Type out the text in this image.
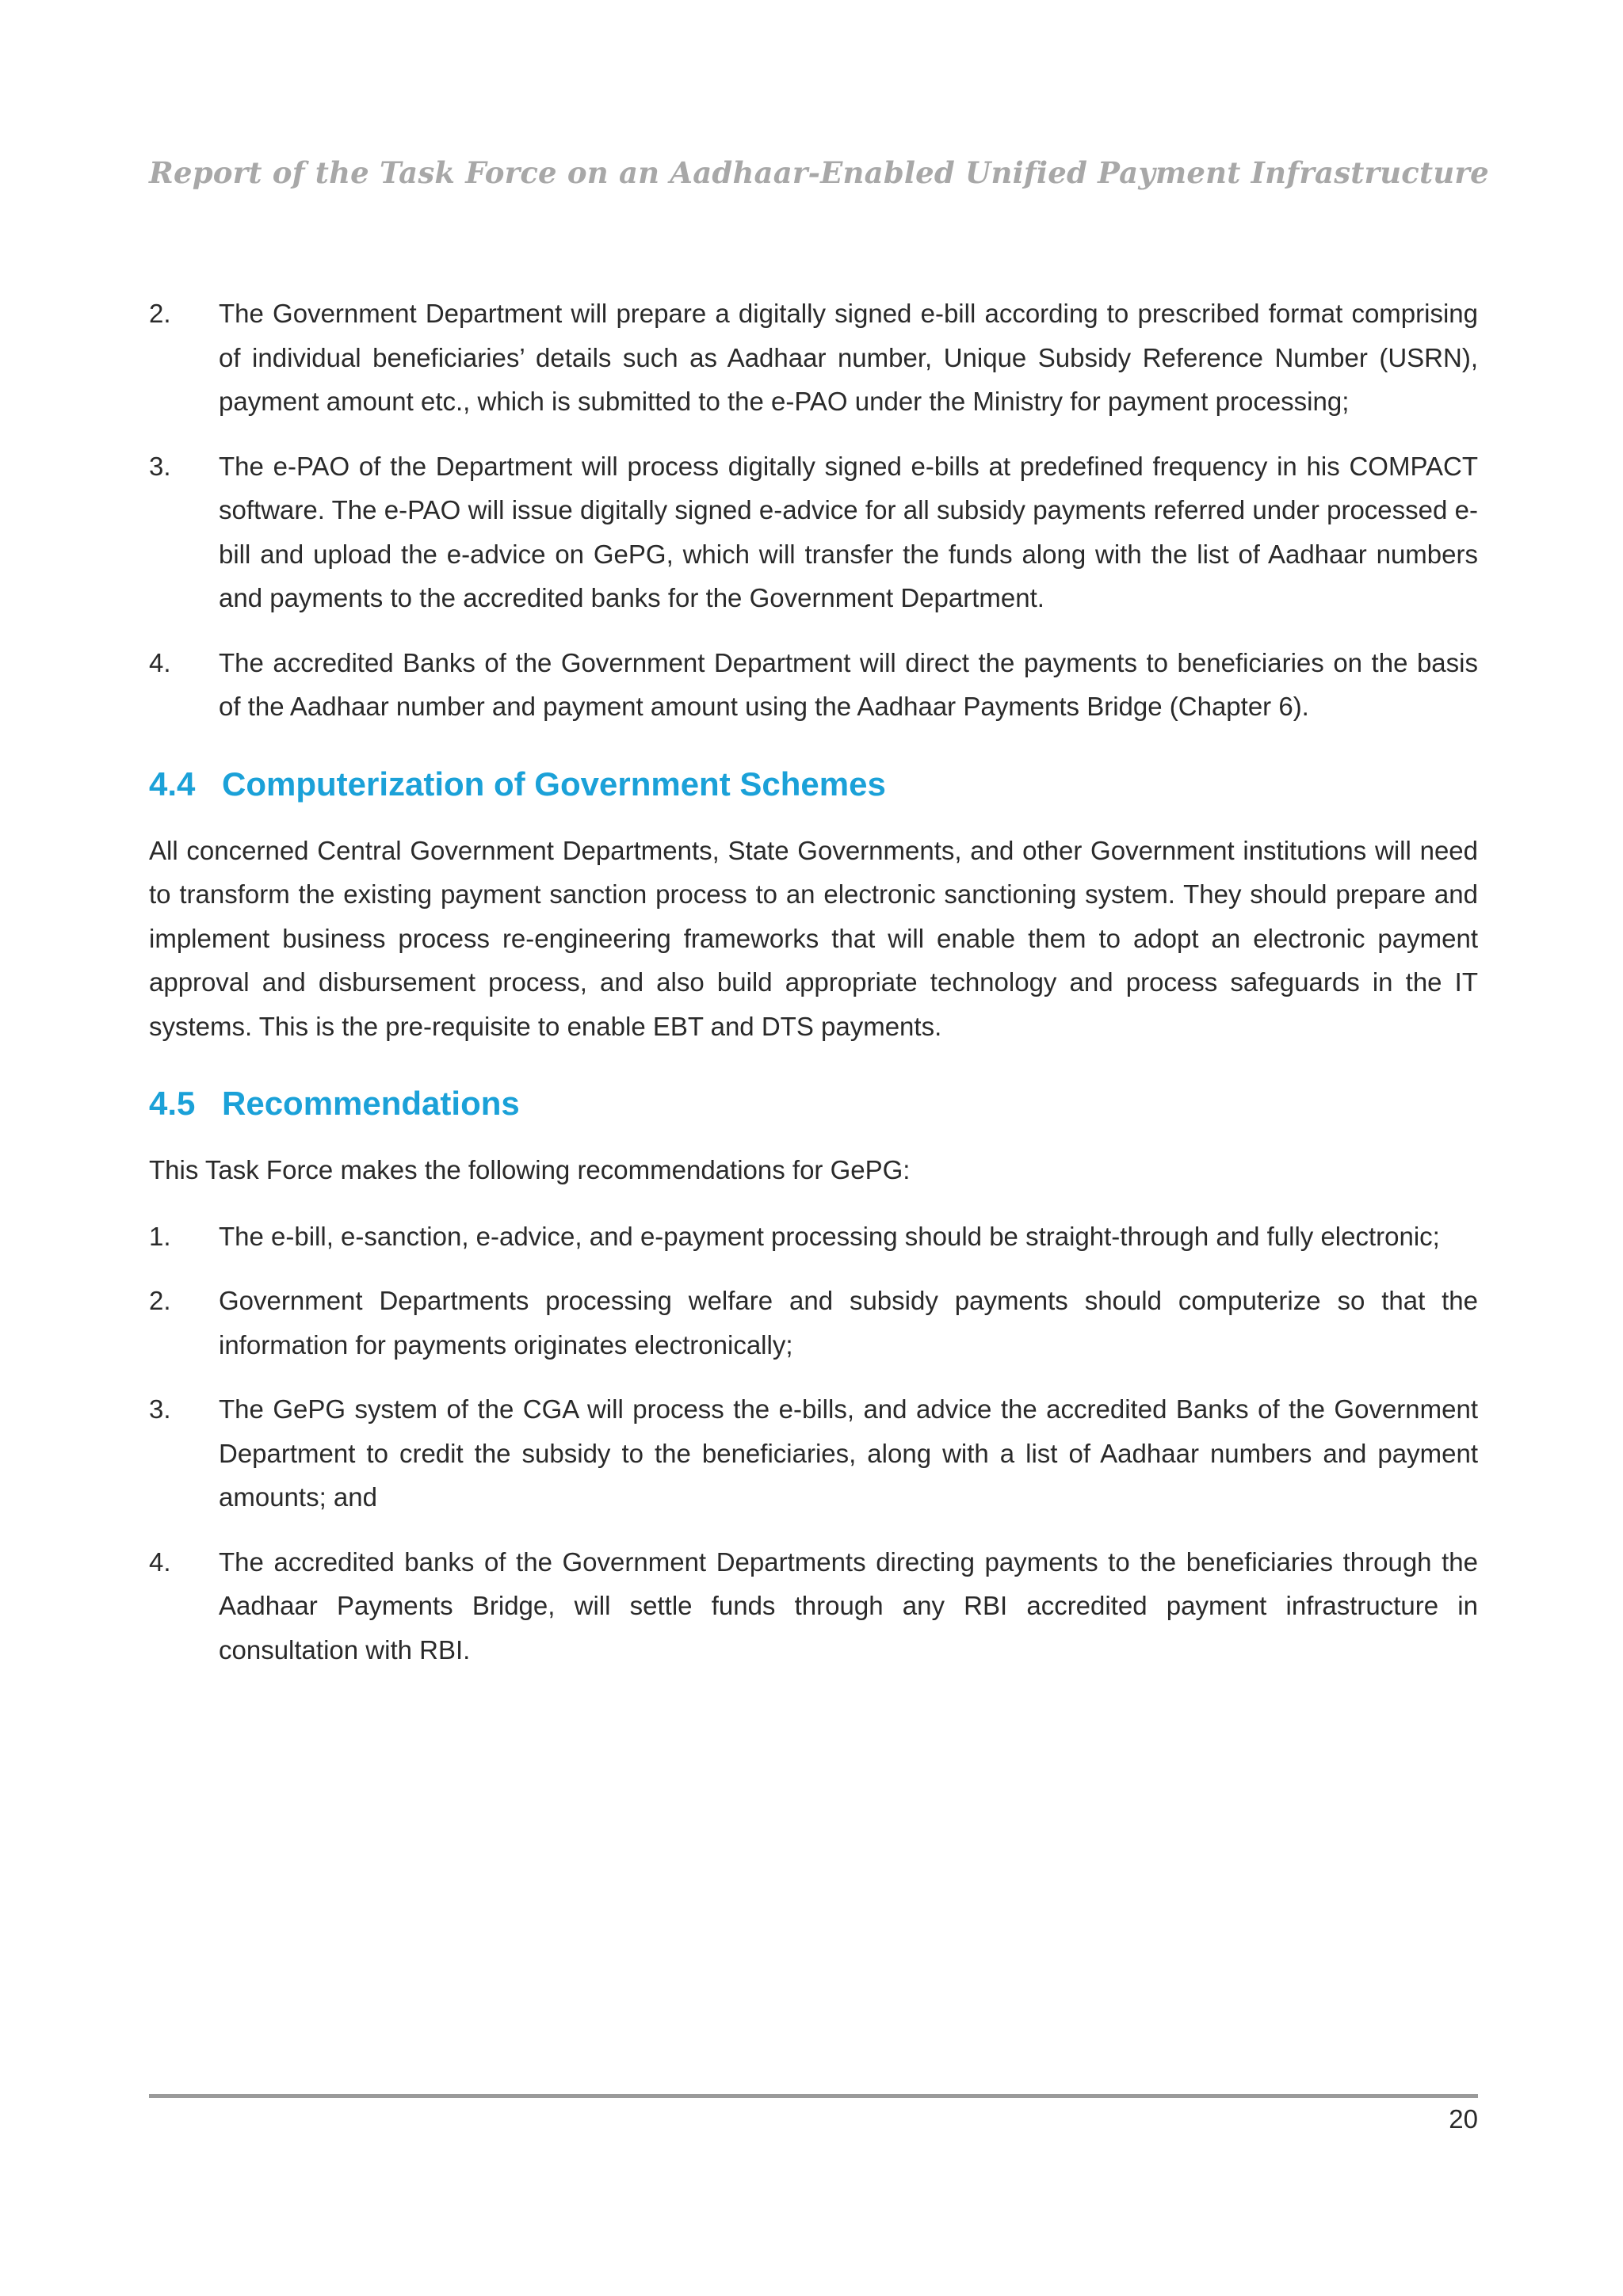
Report of the Task Force on an Aadhaar-Enabled Unified Payment Infrastructure
2. The Government Department will prepare a digitally signed e-bill according to prescribed format comprising of individual beneficiaries’ details such as Aadhaar number, Unique Subsidy Reference Number (USRN), payment amount etc., which is submitted to the e-PAO under the Ministry for payment processing;
3. The e-PAO of the Department will process digitally signed e-bills at predefined frequency in his COMPACT software. The e-PAO will issue digitally signed e-advice for all subsidy payments referred under processed e-bill and upload the e-advice on GePG, which will transfer the funds along with the list of Aadhaar numbers and payments to the accredited banks for the Government Department.
4. The accredited Banks of the Government Department will direct the payments to beneficiaries on the basis of the Aadhaar number and payment amount using the Aadhaar Payments Bridge (Chapter 6).
4.4 Computerization of Government Schemes
All concerned Central Government Departments, State Governments, and other Government institutions will need to transform the existing payment sanction process to an electronic sanctioning system. They should prepare and implement business process re-engineering frameworks that will enable them to adopt an electronic payment approval and disbursement process, and also build appropriate technology and process safeguards in the IT systems. This is the pre-requisite to enable EBT and DTS payments.
4.5 Recommendations
This Task Force makes the following recommendations for GePG:
1. The e-bill, e-sanction, e-advice, and e-payment processing should be straight-through and fully electronic;
2. Government Departments processing welfare and subsidy payments should computerize so that the information for payments originates electronically;
3. The GePG system of the CGA will process the e-bills, and advice the accredited Banks of the Government Department to credit the subsidy to the beneficiaries, along with a list of Aadhaar numbers and payment amounts; and
4. The accredited banks of the Government Departments directing payments to the beneficiaries through the Aadhaar Payments Bridge, will settle funds through any RBI accredited payment infrastructure in consultation with RBI.
20
